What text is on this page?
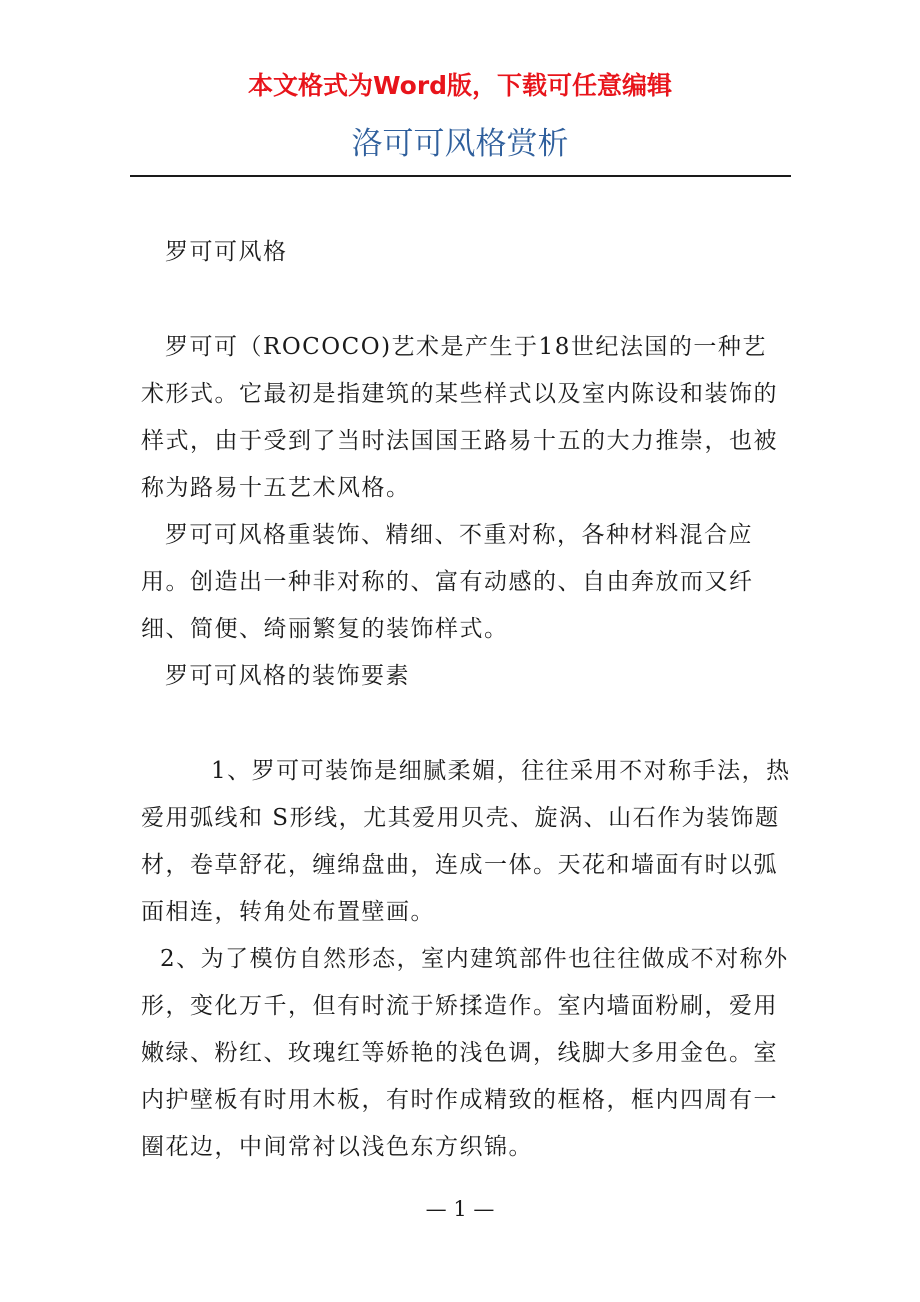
本文格式为Word版，下载可任意编辑
洛可可风格赏析

罗可可风格

罗可可（ROCOCO)艺术是产生于18世纪法国的一种艺术形式。它最初是指建筑的某些样式以及室内陈设和装饰的样式，由于受到了当时法国国王路易十五的大力推崇，也被称为路易十五艺术风格。

罗可可风格重装饰、精细、不重对称，各种材料混合应用。创造出一种非对称的、富有动感的、自由奔放而又纤细、简便、绮丽繁复的装饰样式。

罗可可风格的装饰要素

1、罗可可装饰是细腻柔媚，往往采用不对称手法，热爱用弧线和 S形线，尤其爱用贝壳、旋涡、山石作为装饰题材，卷草舒花，缠绵盘曲，连成一体。天花和墙面有时以弧面相连，转角处布置壁画。

2、为了模仿自然形态，室内建筑部件也往往做成不对称外形，变化万千，但有时流于矫揉造作。室内墙面粉刷，爱用嫩绿、粉红、玫瑰红等娇艳的浅色调，线脚大多用金色。室内护壁板有时用木板，有时作成精致的框格，框内四周有一圈花边，中间常衬以浅色东方织锦。

— 1 —
